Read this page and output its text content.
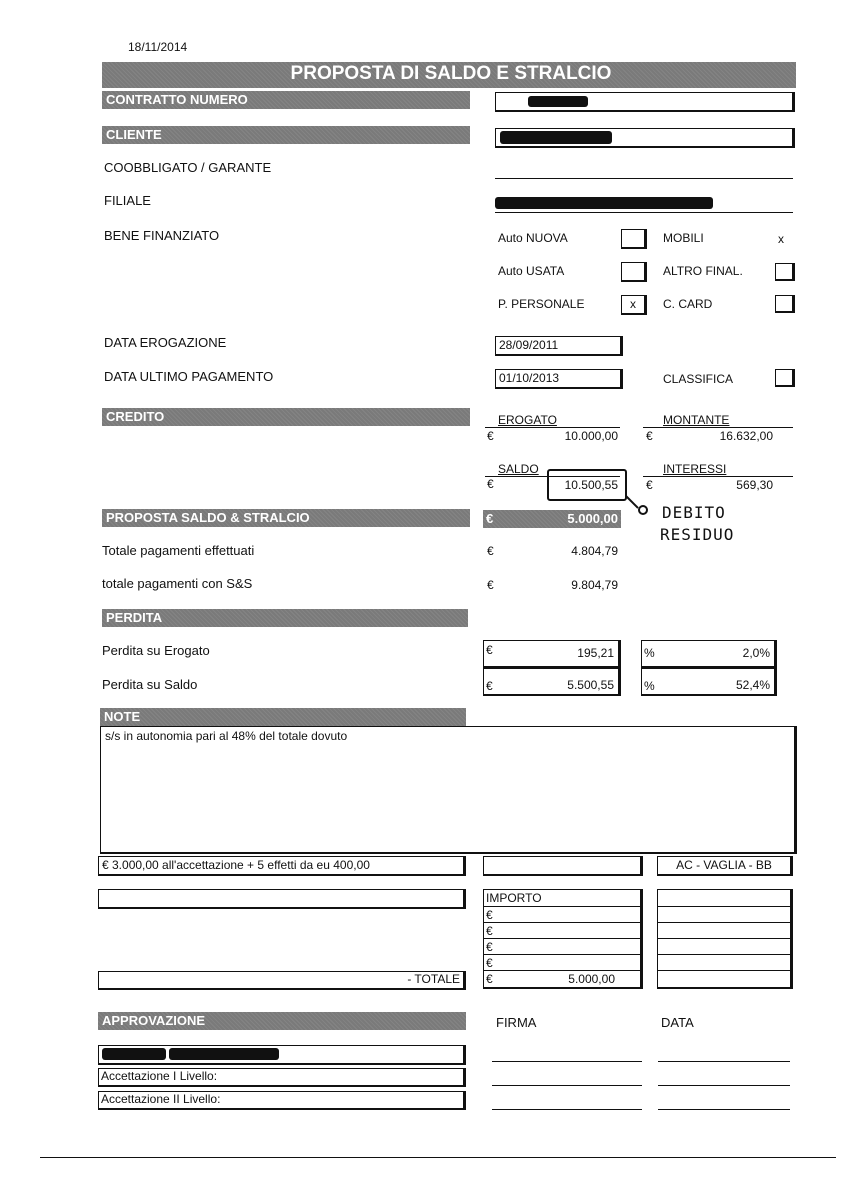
18/11/2014
PROPOSTA DI SALDO E STRALCIO
CONTRATTO NUMERO
CLIENTE
COOBBLIGATO / GARANTE
FILIALE
BENE FINANZIATO	Auto NUOVA	MOBILI	x
Auto USATA	ALTRO FINAL.
P. PERSONALE	x	C. CARD
DATA EROGAZIONE	28/09/2011
DATA ULTIMO PAGAMENTO	01/10/2013	CLASSIFICA
CREDITO	EROGATO
€	10.000,00
MONTANTE
€	16.632,00
SALDO
€	10.500,55
INTERESSI
€	569,30
DEBITO
RESIDUO
PROPOSTA SALDO & STRALCIO	€	5.000,00
Totale pagamenti effettuati	€	4.804,79
totale pagamenti con S&S	€	9.804,79
PERDITA
Perdita su Erogato	€	195,21	%	2,0%
Perdita su Saldo	€	5.500,55	%	52,4%
NOTE
s/s in autonomia pari al 48% del totale dovuto
€ 3.000,00 all'accettazione + 5 effetti da eu 400,00	AC - VAGLIA - BB
IMPORTO
€
€
€
€
€	5.000,00
- TOTALE
APPROVAZIONE	FIRMA	DATA
Accettazione I Livello:
Accettazione II Livello:
